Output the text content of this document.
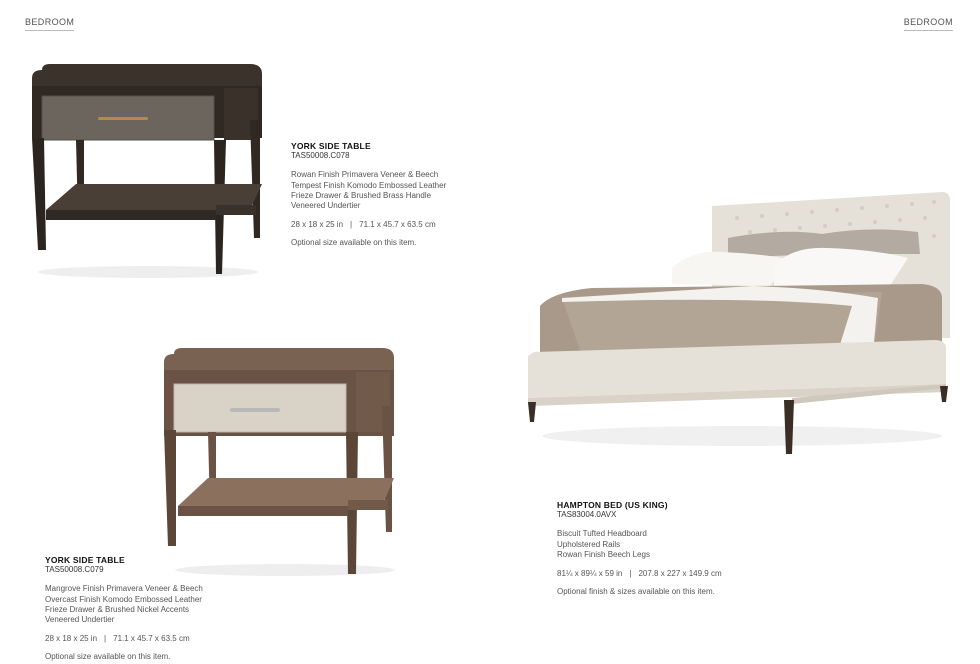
BEDROOM	BEDROOM
YORK SIDE TABLE
TAS50008.C078
Rowan Finish Primavera Veneer & Beech
Tempest Finish Komodo Embossed Leather
Frieze Drawer & Brushed Brass Handle
Veneered Undertier
28 x 18 x 25 in | 71.1 x 45.7 x 63.5 cm
Optional size available on this item.
YORK SIDE TABLE
TAS50008.C079
Mangrove Finish Primavera Veneer & Beech
Overcast Finish Komodo Embossed Leather
Frieze Drawer & Brushed Nickel Accents
Veneered Undertier
28 x 18 x 25 in | 71.1 x 45.7 x 63.5 cm
Optional size available on this item.
HAMPTON BED (US KING)
TAS83004.0AVX
Biscuit Tufted Headboard
Upholstered Rails
Rowan Finish Beech Legs
81¼ x 89¼ x 59 in | 207.8 x 227 x 149.9 cm
Optional finish & sizes available on this item.
